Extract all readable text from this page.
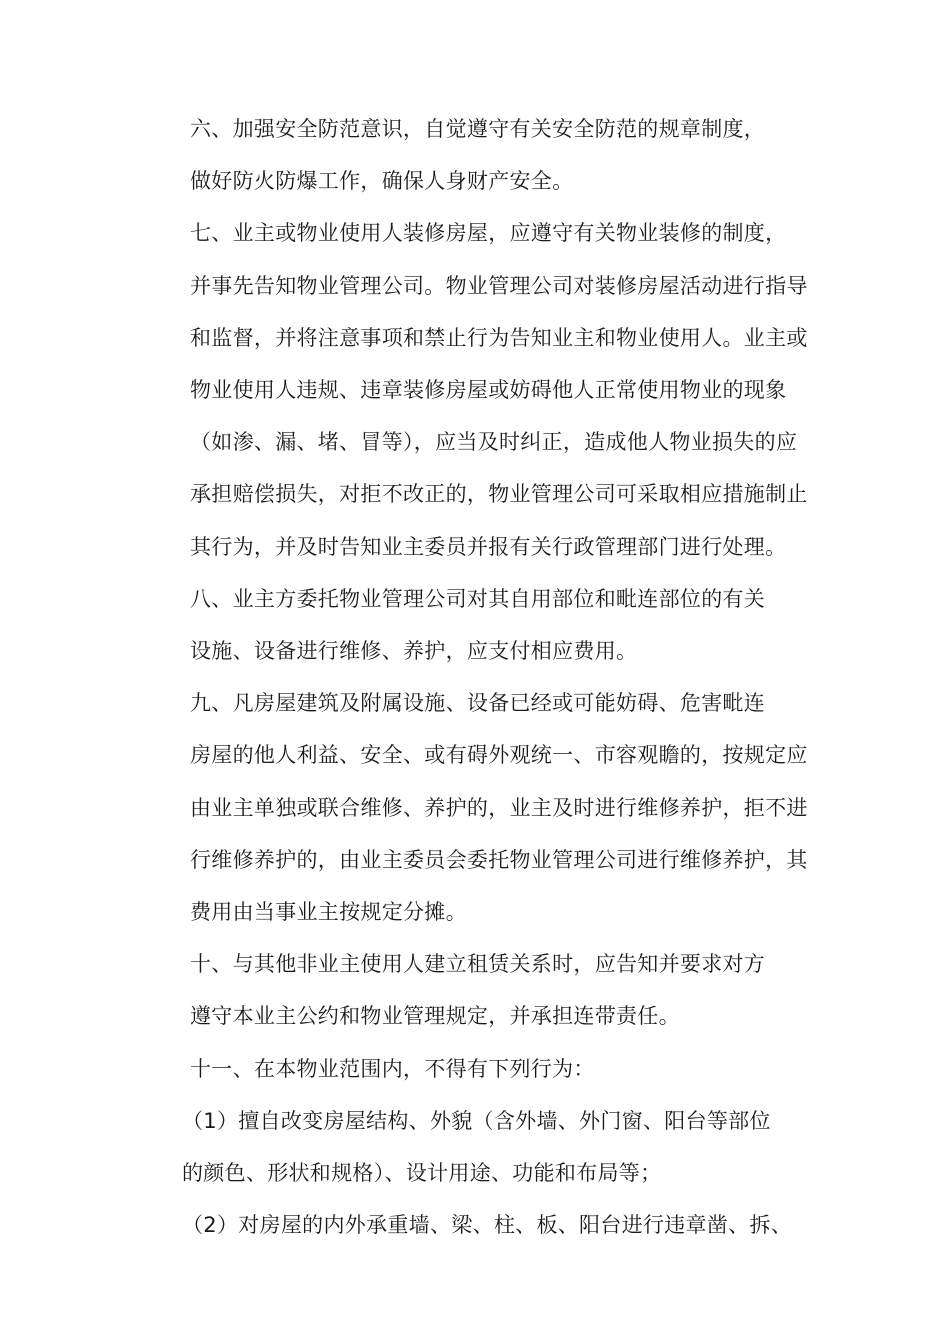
六、加强安全防范意识，自觉遵守有关安全防范的规章制度，
做好防火防爆工作，确保人身财产安全。

七、业主或物业使用人装修房屋，应遵守有关物业装修的制度，
并事先告知物业管理公司。物业管理公司对装修房屋活动进行指导
和监督，并将注意事项和禁止行为告知业主和物业使用人。业主或
物业使用人违规、违章装修房屋或妨碍他人正常使用物业的现象
（如渗、漏、堵、冒等），应当及时纠正，造成他人物业损失的应
承担赔偿损失，对拒不改正的，物业管理公司可采取相应措施制止
其行为，并及时告知业主委员并报有关行政管理部门进行处理。

八、业主方委托物业管理公司对其自用部位和毗连部位的有关
设施、设备进行维修、养护，应支付相应费用。

九、凡房屋建筑及附属设施、设备已经或可能妨碍、危害毗连
房屋的他人利益、安全、或有碍外观统一、市容观瞻的，按规定应
由业主单独或联合维修、养护的，业主及时进行维修养护，拒不进
行维修养护的，由业主委员会委托物业管理公司进行维修养护，其
费用由当事业主按规定分摊。

十、与其他非业主使用人建立租赁关系时，应告知并要求对方
遵守本业主公约和物业管理规定，并承担连带责任。

十一、在本物业范围内，不得有下列行为：

（1）擅自改变房屋结构、外貌（含外墙、外门窗、阳台等部位
的颜色、形状和规格）、设计用途、功能和布局等；

（2）对房屋的内外承重墙、梁、柱、板、阳台进行违章凿、拆、
